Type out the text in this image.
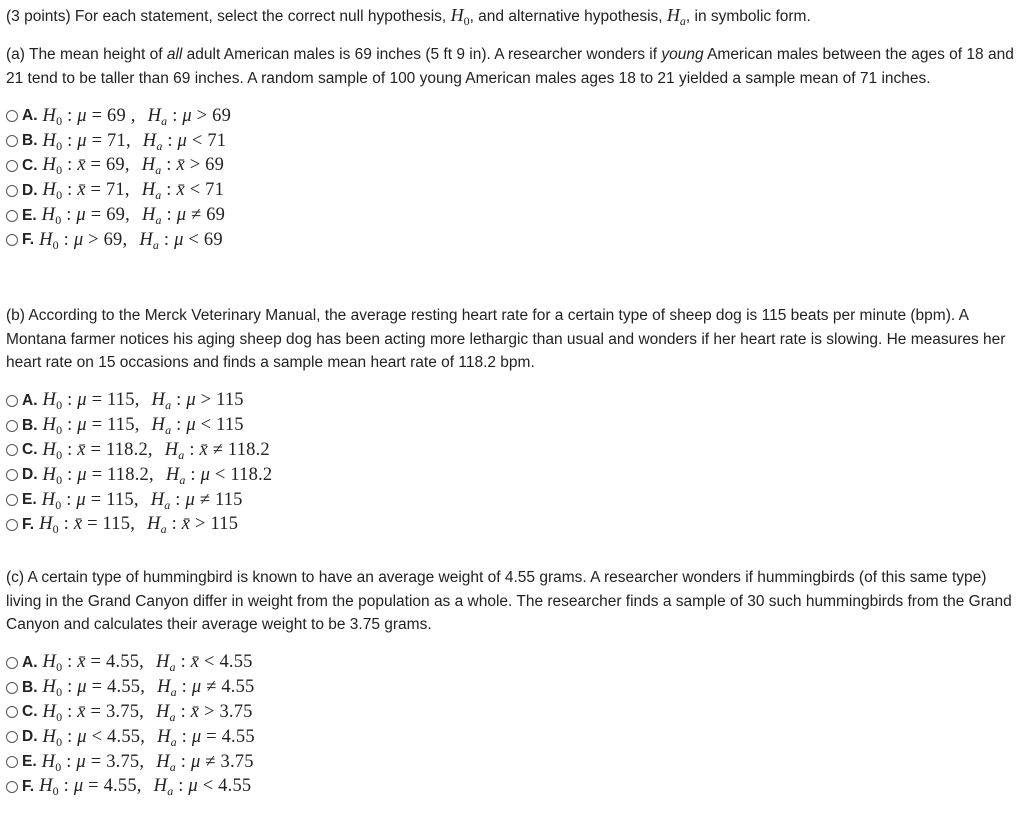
(3 points) For each statement, select the correct null hypothesis, $H_0$, and alternative hypothesis, $H_a$, in symbolic form.

(a) The mean height of all adult American males is 69 inches (5 ft 9 in). A researcher wonders if young American males between the ages of 18 and 21 tend to be taller than 69 inches. A random sample of 100 young American males ages 18 to 21 yielded a sample mean of 71 inches.

A. $H_0$ : μ = 69 , $H_a$ : μ > 69
B. $H_0$ : μ = 71, $H_a$ : μ < 71
C. $H_0$ : x̄ = 69, $H_a$ : x̄ > 69
D. $H_0$ : x̄ = 71, $H_a$ : x̄ < 71
E. $H_0$ : μ = 69, $H_a$ : μ ≠ 69
F. $H_0$ : μ > 69, $H_a$ : μ < 69

(b) According to the Merck Veterinary Manual, the average resting heart rate for a certain type of sheep dog is 115 beats per minute (bpm). A Montana farmer notices his aging sheep dog has been acting more lethargic than usual and wonders if her heart rate is slowing. He measures her heart rate on 15 occasions and finds a sample mean heart rate of 118.2 bpm.

A. $H_0$ : μ = 115, $H_a$ : μ > 115
B. $H_0$ : μ = 115, $H_a$ : μ < 115
C. $H_0$ : x̄ = 118.2, $H_a$ : x̄ ≠ 118.2
D. $H_0$ : μ = 118.2, $H_a$ : μ < 118.2
E. $H_0$ : μ = 115, $H_a$ : μ ≠ 115
F. $H_0$ : x̄ = 115, $H_a$ : x̄ > 115

(c) A certain type of hummingbird is known to have an average weight of 4.55 grams. A researcher wonders if hummingbirds (of this same type) living in the Grand Canyon differ in weight from the population as a whole. The researcher finds a sample of 30 such hummingbirds from the Grand Canyon and calculates their average weight to be 3.75 grams.

A. $H_0$ : x̄ = 4.55, $H_a$ : x̄ < 4.55
B. $H_0$ : μ = 4.55, $H_a$ : μ ≠ 4.55
C. $H_0$ : x̄ = 3.75, $H_a$ : x̄ > 3.75
D. $H_0$ : μ < 4.55, $H_a$ : μ = 4.55
E. $H_0$ : μ = 3.75, $H_a$ : μ ≠ 3.75
F. $H_0$ : μ = 4.55, $H_a$ : μ < 4.55
